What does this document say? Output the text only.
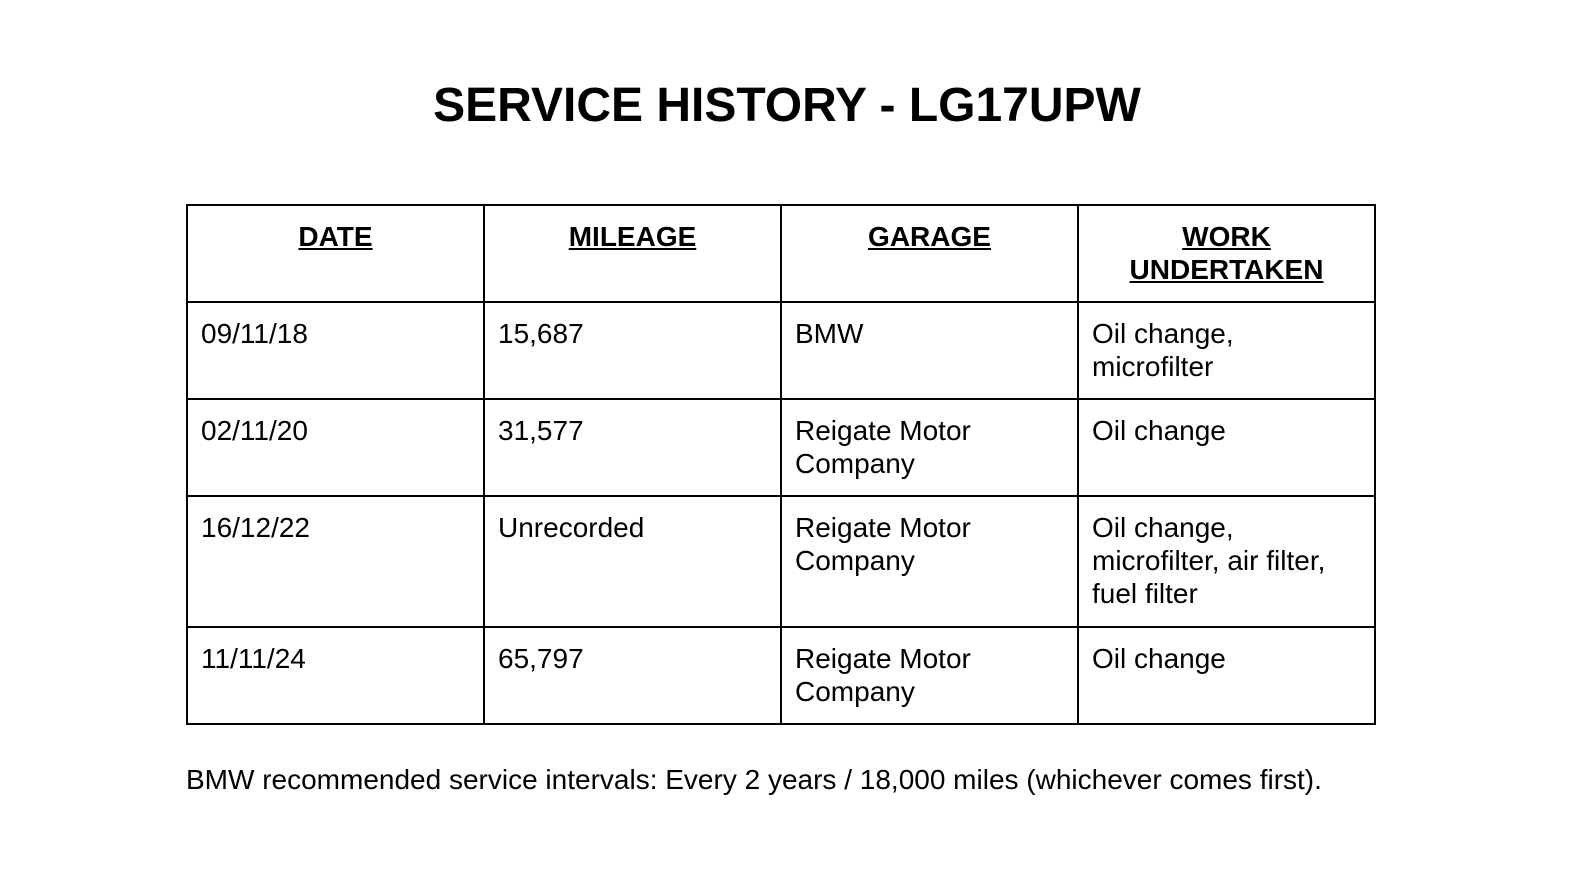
SERVICE HISTORY - LG17UPW
DATE	MILEAGE	GARAGE	WORK UNDERTAKEN
09/11/18	15,687	BMW	Oil change, microfilter
02/11/20	31,577	Reigate Motor Company	Oil change
16/12/22	Unrecorded	Reigate Motor Company	Oil change, microfilter, air filter, fuel filter
11/11/24	65,797	Reigate Motor Company	Oil change

BMW recommended service intervals: Every 2 years / 18,000 miles (whichever comes first).
